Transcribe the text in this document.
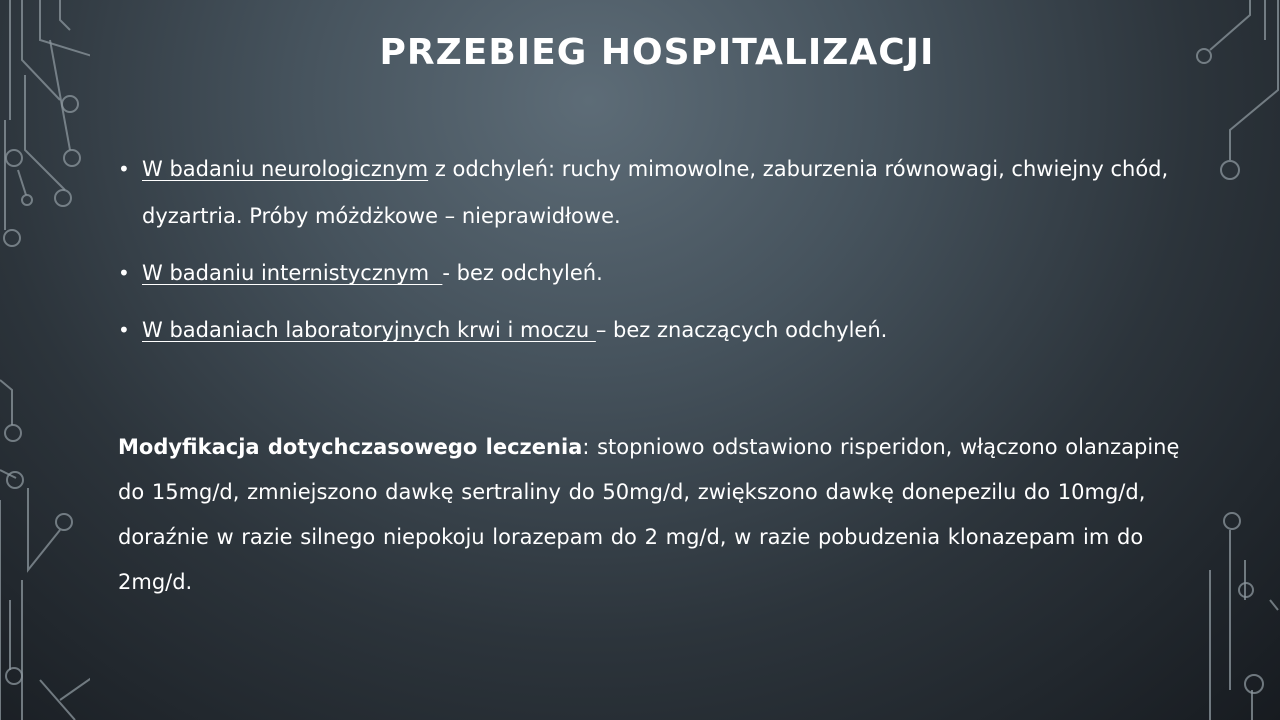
PRZEBIEG HOSPITALIZACJI
• W badaniu neurologicznym z odchyleń: ruchy mimowolne, zaburzenia równowagi, chwiejny chód, dyzartria. Próby móżdżkowe – nieprawidłowe.
• W badaniu internistycznym  - bez odchyleń.
• W badaniach laboratoryjnych krwi i moczu – bez znaczących odchyleń.

Modyfikacja dotychczasowego leczenia: stopniowo odstawiono risperidon, włączono olanzapinę do 15mg/d, zmniejszono dawkę sertraliny do 50mg/d, zwiększono dawkę donepezilu do 10mg/d, doraźnie w razie silnego niepokoju lorazepam do 2 mg/d, w razie pobudzenia klonazepam im do 2mg/d.
